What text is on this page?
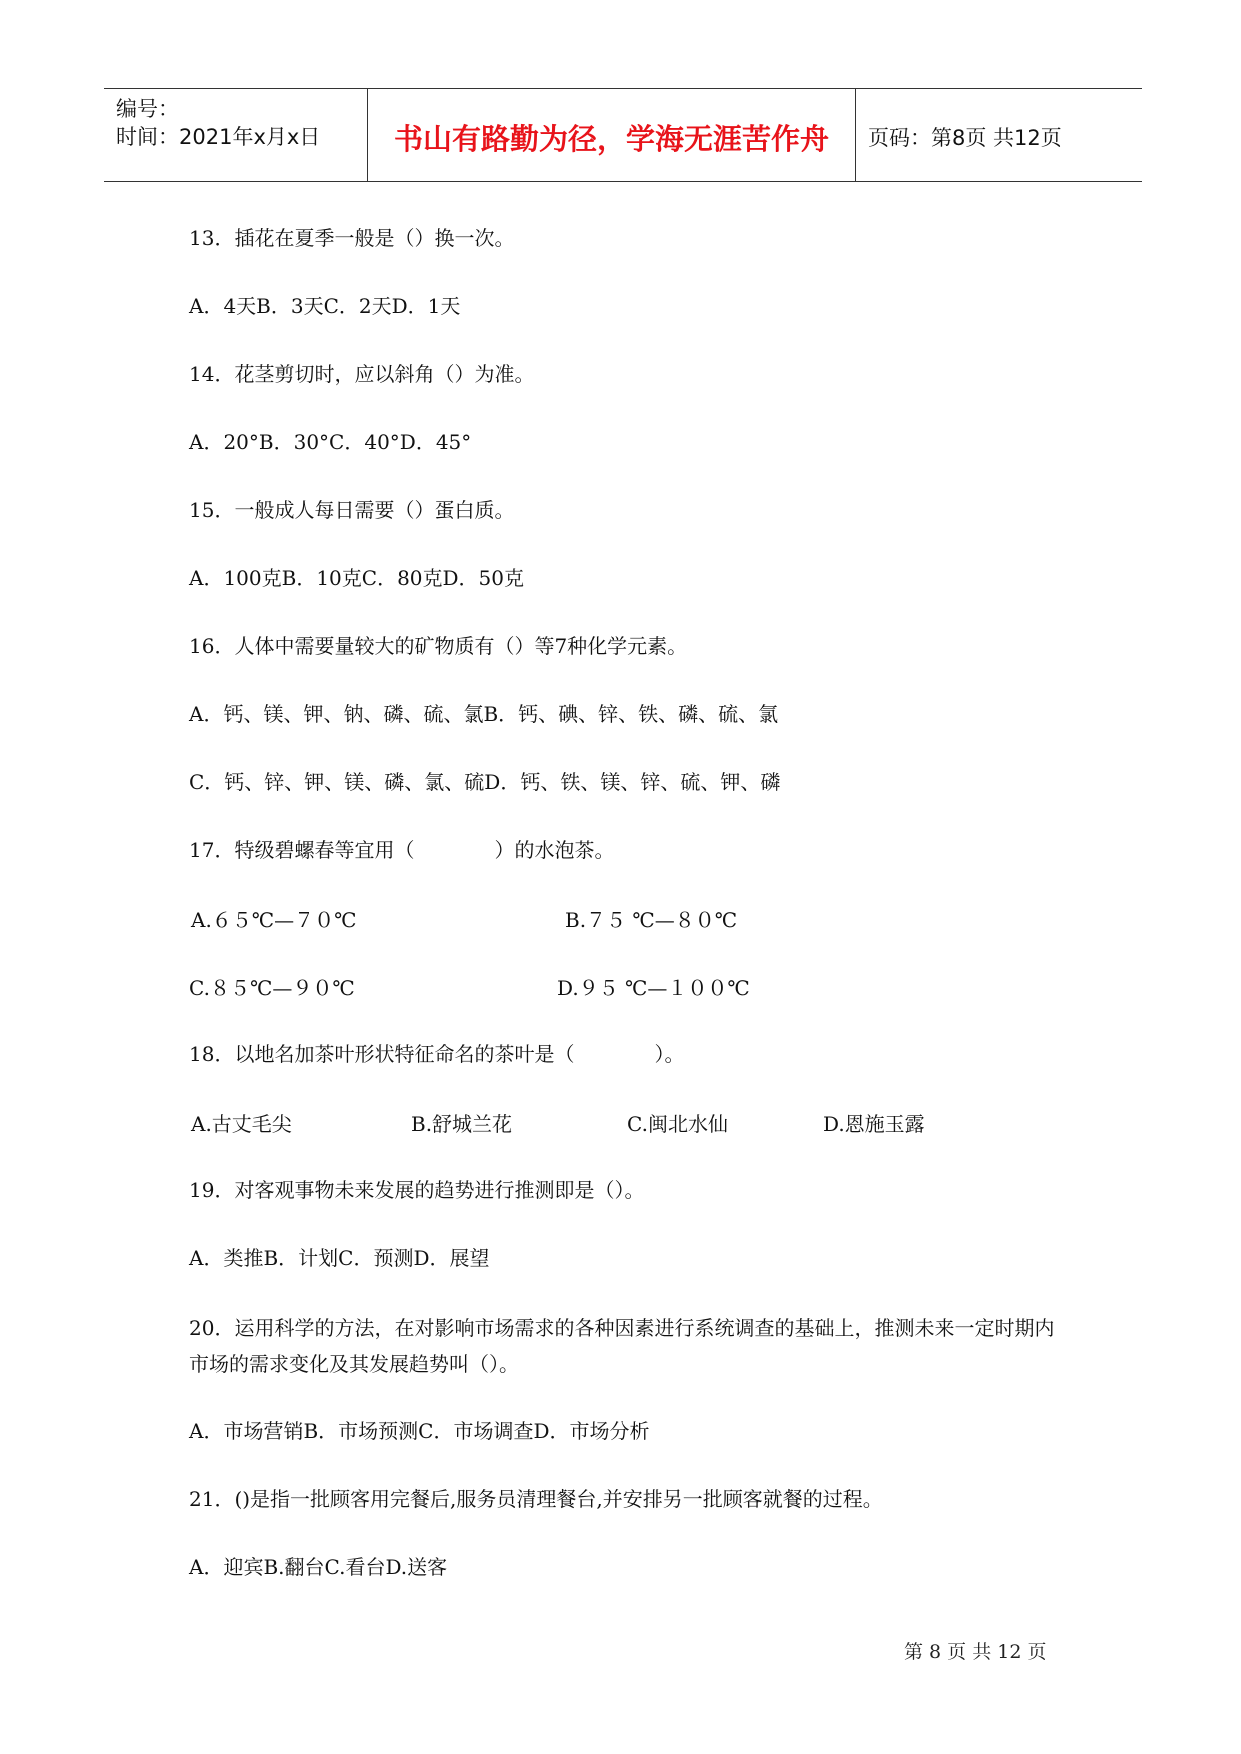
编号：
时间：2021年x月x日	书山有路勤为径，学海无涯苦作舟	页码：第8页 共12页
13．插花在夏季一般是（）换一次。
A．4天B．3天C．2天D．1天
14．花茎剪切时，应以斜角（）为准。
A．20°B．30°C．40°D．45°
15．一般成人每日需要（）蛋白质。
A．100克B．10克C．80克D．50克
16．人体中需要量较大的矿物质有（）等7种化学元素。
A．钙、镁、钾、钠、磷、硫、氯B．钙、碘、锌、铁、磷、硫、氯
C．钙、锌、钾、镁、磷、氯、硫D．钙、铁、镁、锌、硫、钾、磷
17．特级碧螺春等宜用（　　　　）的水泡茶。
A.６５℃—７０℃	B.７５ ℃—８０℃
C.８５℃—９０℃	D.９５ ℃—１００℃
18．以地名加茶叶形状特征命名的茶叶是（　　　　）。
A.古丈毛尖	B.舒城兰花	C.闽北水仙	D.恩施玉露
19．对客观事物未来发展的趋势进行推测即是（）。
A．类推B．计划C．预测D．展望
20．运用科学的方法，在对影响市场需求的各种因素进行系统调查的基础上，推测未来一定时期内市场的需求变化及其发展趋势叫（）。
A．市场营销B．市场预测C．市场调查D．市场分析
21．()是指一批顾客用完餐后,服务员清理餐台,并安排另一批顾客就餐的过程。
A．迎宾B.翻台C.看台D.送客
第 8 页 共 12 页
